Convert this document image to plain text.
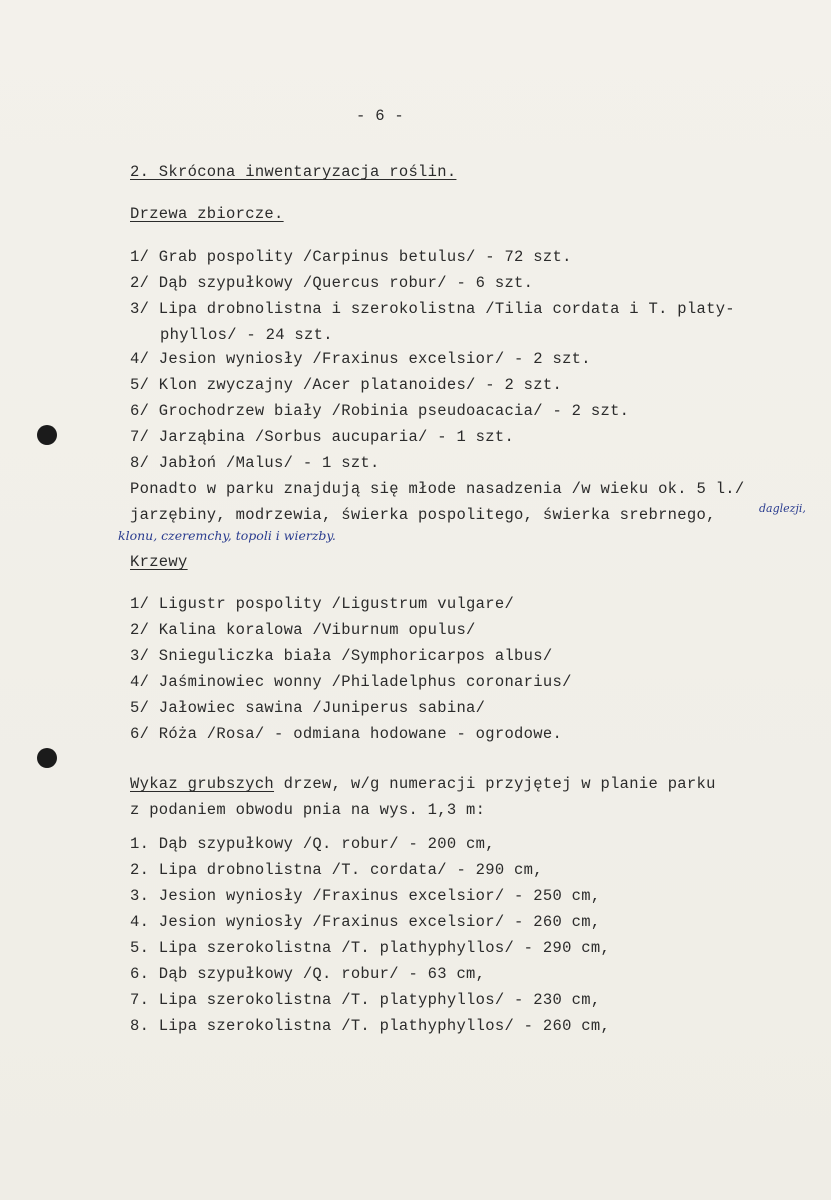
- 6 -
2. Skrócona inwentaryzacja roślin.
Drzewa zbiorcze.
1/ Grab pospolity /Carpinus betulus/ - 72 szt.
2/ Dąb szypułkowy /Quercus robur/ - 6 szt.
3/ Lipa drobnolistna i szerokolistna /Tilia cordata i T. platy-
phyllos/ - 24 szt.
4/ Jesion wyniosły /Fraxinus excelsior/ - 2 szt.
5/ Klon zwyczajny /Acer platanoides/ - 2 szt.
6/ Grochodrzew biały /Robinia pseudoacacia/ - 2 szt.
7/ Jarząbina /Sorbus aucuparia/ - 1 szt.
8/ Jabłoń /Malus/ - 1 szt.
Ponadto w parku znajdują się młode nasadzenia /w wieku ok. 5 l./
jarzębiny, modrzewia, świerka pospolitego, świerka srebrnego,	daglezji,
klonu, czeremchy, topoli i wierzby.
Krzewy
1/ Ligustr pospolity /Ligustrum vulgare/
2/ Kalina koralowa /Viburnum opulus/
3/ Snieguliczka biała /Symphoricarpos albus/
4/ Jaśminowiec wonny /Philadelphus coronarius/
5/ Jałowiec sawina /Juniperus sabina/
6/ Róża /Rosa/ - odmiana hodowane - ogrodowe.
Wykaz grubszych drzew, w/g numeracji przyjętej w planie parku
z podaniem obwodu pnia na wys. 1,3 m:
1. Dąb szypułkowy /Q. robur/ - 200 cm,
2. Lipa drobnolistna /T. cordata/ - 290 cm,
3. Jesion wyniosły /Fraxinus excelsior/ - 250 cm,
4. Jesion wyniosły /Fraxinus excelsior/ - 260 cm,
5. Lipa szerokolistna /T. plathyphyllos/ - 290 cm,
6. Dąb szypułkowy /Q. robur/ - 63 cm,
7. Lipa szerokolistna /T. platyphyllos/ - 230 cm,
8. Lipa szerokolistna /T. plathyphyllos/ - 260 cm,
